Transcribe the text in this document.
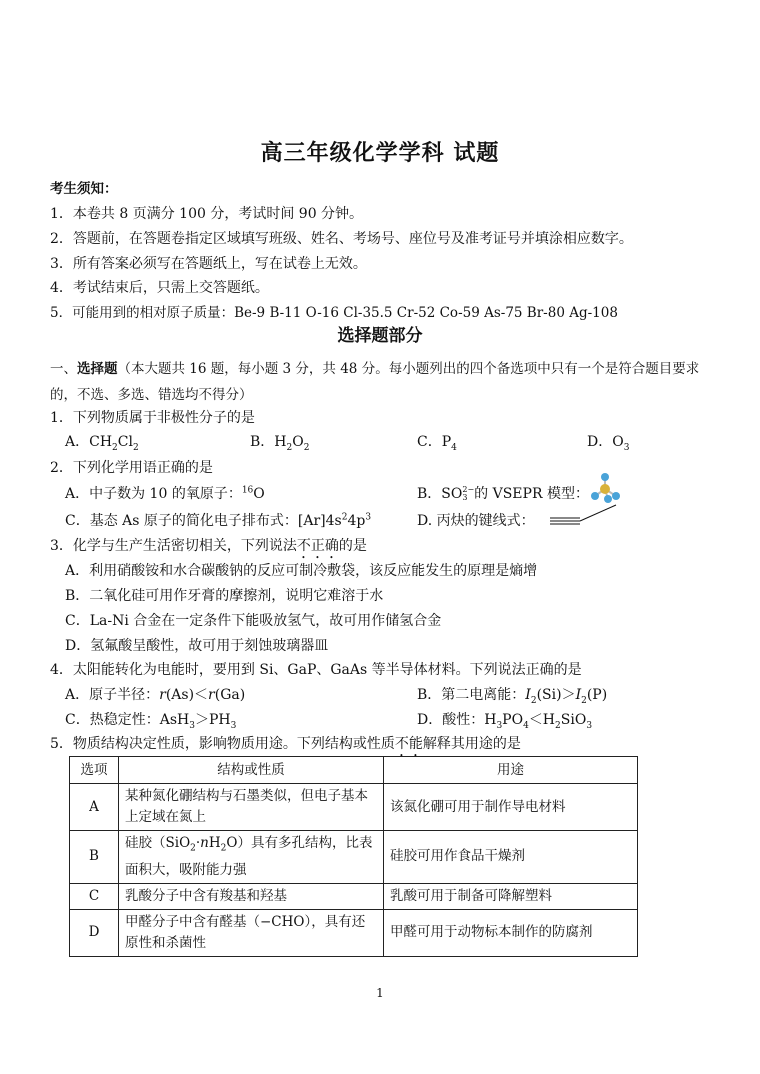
高三年级化学学科 试题
考生须知：
1．本卷共 8 页满分 100 分，考试时间 90 分钟。
2．答题前，在答题卷指定区域填写班级、姓名、考场号、座位号及准考证号并填涂相应数字。
3．所有答案必须写在答题纸上，写在试卷上无效。
4．考试结束后，只需上交答题纸。
5．可能用到的相对原子质量：Be-9 B-11 O-16 Cl-35.5 Cr-52 Co-59 As-75 Br-80 Ag-108
选择题部分
一、选择题（本大题共 16 题，每小题 3 分，共 48 分。每小题列出的四个备选项中只有一个是符合题目要求的，不选、多选、错选均不得分）
1．下列物质属于非极性分子的是
A．$CH_2Cl_2$	B．$H_2O_2$	C．$P_4$	D．$O_3$
2．下列化学用语正确的是
A．中子数为 10 的氧原子：$^{16}$O	B．SO 2−
3 的 VSEPR 模型：
C．基态 As 原子的简化电子排布式：$[Ar]4s^24p^3$	D. 丙炔的键线式：
3．化学与生产生活密切相关，下列说法不正确的是
A．利用硝酸铵和水合碳酸钠的反应可制冷敷袋，该反应能发生的原理是熵增
B．二氧化硅可用作牙膏的摩擦剂，说明它难溶于水
C．La-Ni 合金在一定条件下能吸放氢气，故可用作储氢合金
D．氢氟酸呈酸性，故可用于刻蚀玻璃器皿
4．太阳能转化为电能时，要用到 Si、GaP、GaAs 等半导体材料。下列说法正确的是
A．原子半径：r(As)＜r(Ga)	B．第二电离能：$I_2(Si)>I_2(P)$
C．热稳定性：$AsH_3>PH_3$	D．酸性：$H_3PO_4<H_2SiO_3$
5．物质结构决定性质，影响物质用途。下列结构或性质不能解释其用途的是
选项	结构或性质	用途
A	某种氮化硼结构与石墨类似，但电子基本上定域在氮上	该氮化硼可用于制作导电材料
B	硅胶$(SiO_2\cdot nH_2O)$具有多孔结构，比表面积大，吸附能力强	硅胶可用作食品干燥剂
C	乳酸分子中含有羧基和羟基	乳酸可用于制备可降解塑料
D	甲醛分子中含有醛基（−CHO），具有还原性和杀菌性	甲醛可用于动物标本制作的防腐剂
1
